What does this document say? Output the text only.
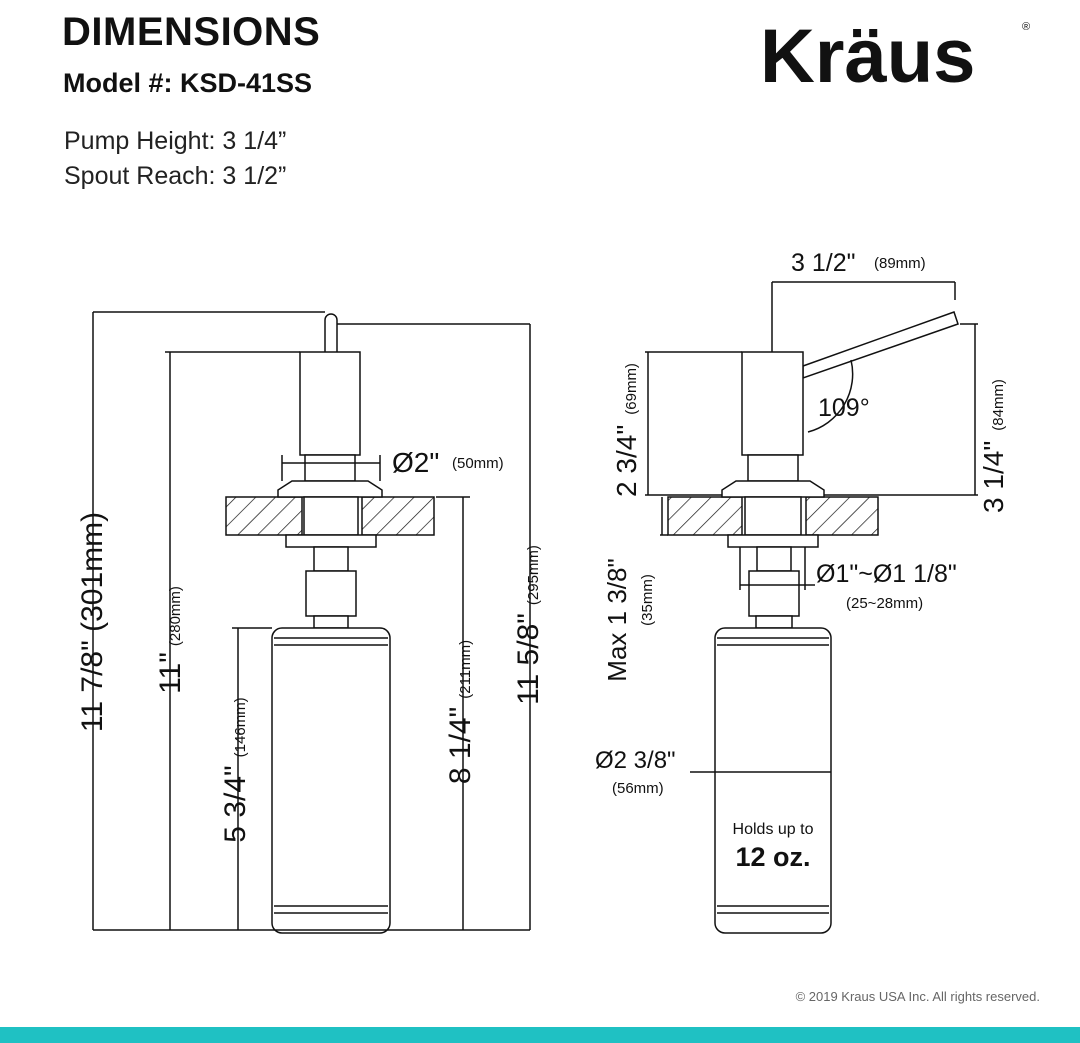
DIMENSIONS
Model #: KSD-41SS
Pump Height: 3 1/4”
Spout Reach: 3 1/2”
Kräus	®
11 7/8" (301mm)
11"(280mm)
5 3/4"(146mm)	8 1/4"(211mm) 11 5/8"(295mm)
Ø2" (50mm)
3 1/2" (89mm)
3 1/4"(84mm)
2 3/4"(69mm)	109°
Max 1 3/8" (35mm)
Ø1"~Ø1 1/8"
(25~28mm)
Ø2 3/8"
(56mm)
Holds up to
12 oz.
© 2019 Kraus USA Inc. All rights reserved.
